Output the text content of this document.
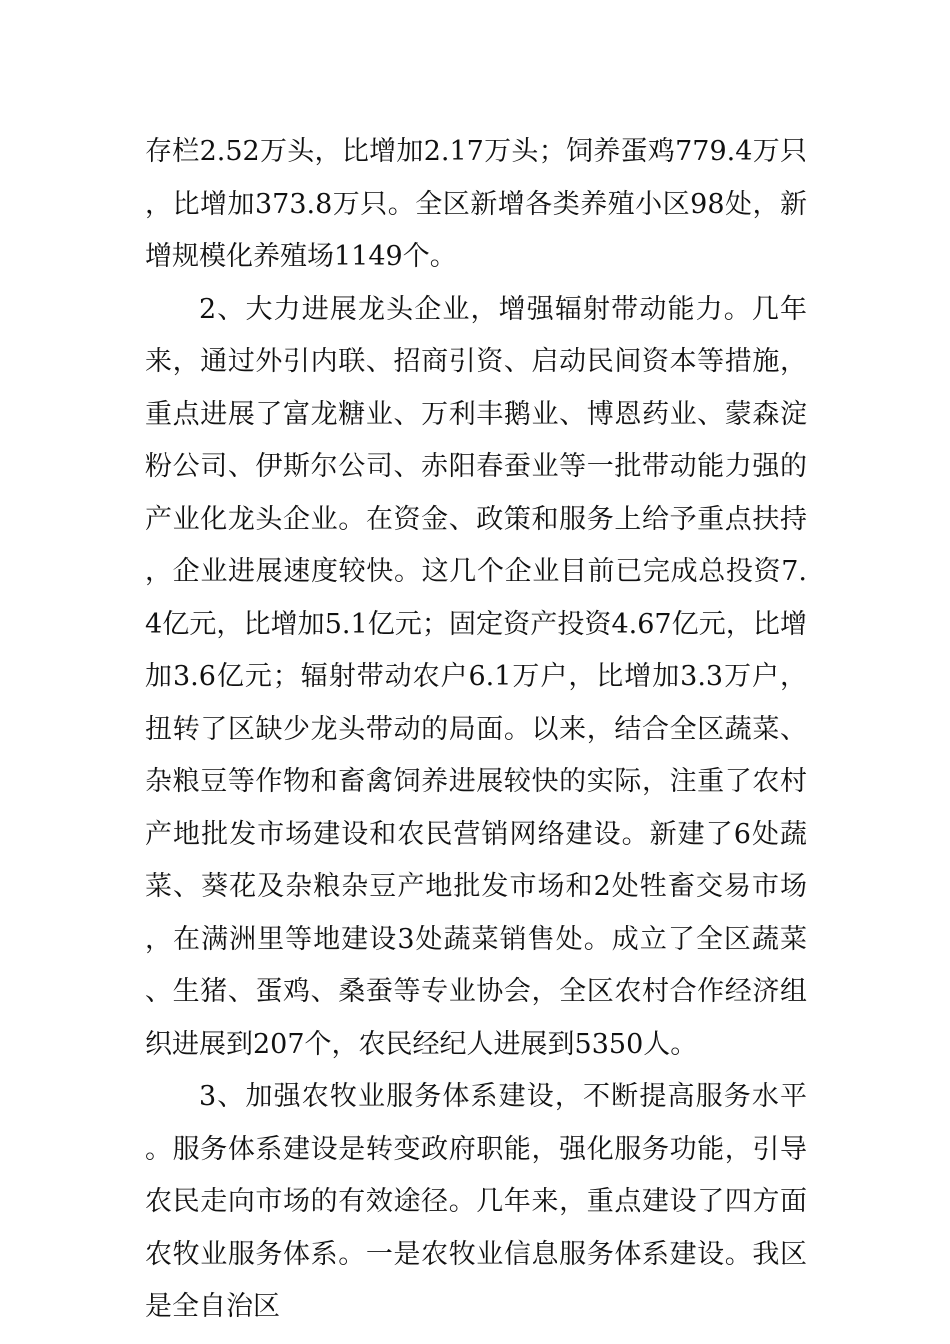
存栏2.52万头，比增加2.17万头；饲养蛋鸡779.4万只，比增加373.8万只。全区新增各类养殖小区98处，新增规模化养殖场1149个。

2、大力进展龙头企业，增强辐射带动能力。几年来，通过外引内联、招商引资、启动民间资本等措施，重点进展了富龙糖业、万利丰鹅业、博恩药业、蒙森淀粉公司、伊斯尔公司、赤阳春蚕业等一批带动能力强的产业化龙头企业。在资金、政策和服务上给予重点扶持，企业进展速度较快。这几个企业目前已完成总投资7.4亿元，比增加5.1亿元；固定资产投资4.67亿元，比增加3.6亿元；辐射带动农户6.1万户，比增加3.3万户，扭转了区缺少龙头带动的局面。以来，结合全区蔬菜、杂粮豆等作物和畜禽饲养进展较快的实际，注重了农村产地批发市场建设和农民营销网络建设。新建了6处蔬菜、葵花及杂粮杂豆产地批发市场和2处牲畜交易市场，在满洲里等地建设3处蔬菜销售处。成立了全区蔬菜、生猪、蛋鸡、桑蚕等专业协会，全区农村合作经济组织进展到207个，农民经纪人进展到5350人。

3、加强农牧业服务体系建设，不断提高服务水平。服务体系建设是转变政府职能，强化服务功能，引导农民走向市场的有效途径。几年来，重点建设了四方面农牧业服务体系。一是农牧业信息服务体系建设。我区是全自治区
